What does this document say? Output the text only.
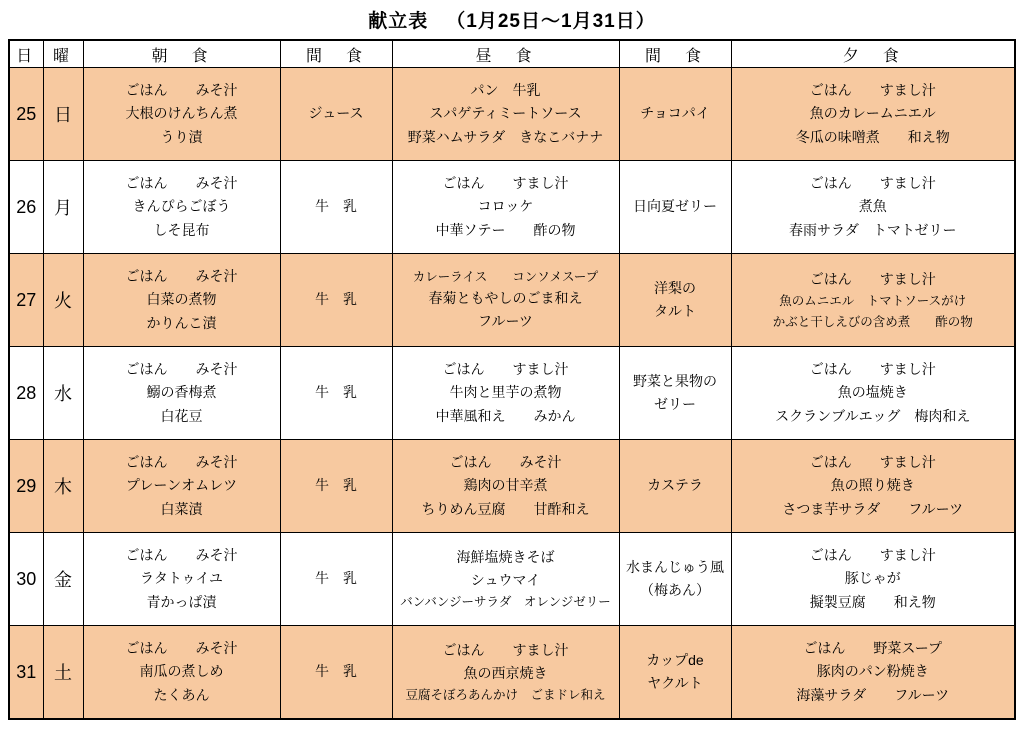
献立表 （1月25日～1月31日）
日	曜	朝　食	間　食	昼　食	間　食	夕　食
25	日	
ごはん　　みそ汁
大根のけんちん煮
うり漬

ジュース

パン　牛乳
スパゲティミートソース
野菜ハムサラダ　きなこバナナ

チョコパイ

ごはん　　すまし汁
魚のカレームニエル
冬瓜の味噌煮　　和え物

26	月	
ごはん　　みそ汁
きんぴらごぼう
しそ昆布

牛　乳

ごはん　　すまし汁
コロッケ
中華ソテー　　酢の物

日向夏ゼリー

ごはん　　すまし汁
煮魚
春雨サラダ　トマトゼリー

27	火	
ごはん　　みそ汁
白菜の煮物
かりんこ漬

牛　乳

カレーライス　　コンソメスープ
春菊ともやしのごま和え
フルーツ

洋梨の
タルト

ごはん　　すまし汁
魚のムニエル　トマトソースがけ
かぶと干しえびの含め煮　　酢の物

28	水	
ごはん　　みそ汁
鰯の香梅煮
白花豆

牛　乳

ごはん　　すまし汁
牛肉と里芋の煮物
中華風和え　　みかん

野菜と果物の
ゼリー

ごはん　　すまし汁
魚の塩焼き
スクランブルエッグ　梅肉和え

29	木	
ごはん　　みそ汁
プレーンオムレツ
白菜漬

牛　乳

ごはん　　みそ汁
鶏肉の甘辛煮
ちりめん豆腐　　甘酢和え

カステラ

ごはん　　すまし汁
魚の照り焼き
さつま芋サラダ　　フルーツ

30	金	
ごはん　　みそ汁
ラタトゥイユ
青かっぱ漬

牛　乳

海鮮塩焼きそば
シュウマイ
バンバンジーサラダ　オレンジゼリー

水まんじゅう風
（梅あん）

ごはん　　すまし汁
豚じゃが
擬製豆腐　　和え物

31	土	
ごはん　　みそ汁
南瓜の煮しめ
たくあん

牛　乳

ごはん　　すまし汁
魚の西京焼き
豆腐そぼろあんかけ　ごまドレ和え

カップde
ヤクルト

ごはん　　野菜スープ
豚肉のパン粉焼き
海藻サラダ　　フルーツ
